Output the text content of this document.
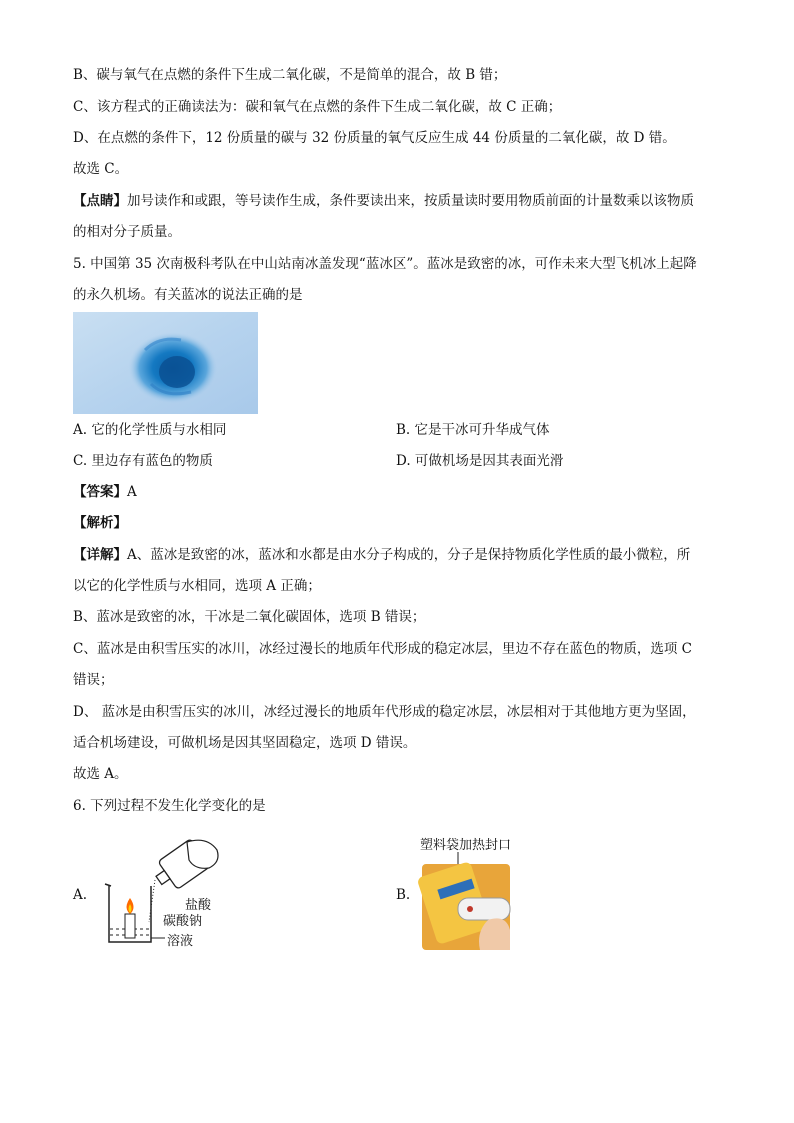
B、碳与氧气在点燃的条件下生成二氧化碳，不是简单的混合，故 B 错；
C、该方程式的正确读法为：碳和氧气在点燃的条件下生成二氧化碳，故 C 正确；
D、在点燃的条件下，12 份质量的碳与 32 份质量的氧气反应生成 44 份质量的二氧化碳，故 D 错。
故选 C。
【点睛】加号读作和或跟，等号读作生成，条件要读出来，按质量读时要用物质前面的计量数乘以该物质
的相对分子质量。
5. 中国第 35 次南极科考队在中山站南冰盖发现“蓝冰区”。蓝冰是致密的冰，可作未来大型飞机冰上起降
的永久机场。有关蓝冰的说法正确的是
A. 它的化学性质与水相同	B. 它是干冰可升华成气体
C. 里边存有蓝色的物质	D. 可做机场是因其表面光滑
【答案】A
【解析】
【详解】A、蓝冰是致密的冰，蓝冰和水都是由水分子构成的，分子是保持物质化学性质的最小微粒，所
以它的化学性质与水相同，选项 A 正确；
B、蓝冰是致密的冰，干冰是二氧化碳固体，选项 B 错误；
C、蓝冰是由积雪压实的冰川，冰经过漫长的地质年代形成的稳定冰层，里边不存在蓝色的物质，选项 C
错误；
D、 蓝冰是由积雪压实的冰川，冰经过漫长的地质年代形成的稳定冰层，冰层相对于其他地方更为坚固，
适合机场建设，可做机场是因其坚固稳定，选项 D 错误。
故选 A。
6. 下列过程不发生化学变化的是
A.
盐酸
碳酸钠
溶液
B.
塑料袋加热封口
